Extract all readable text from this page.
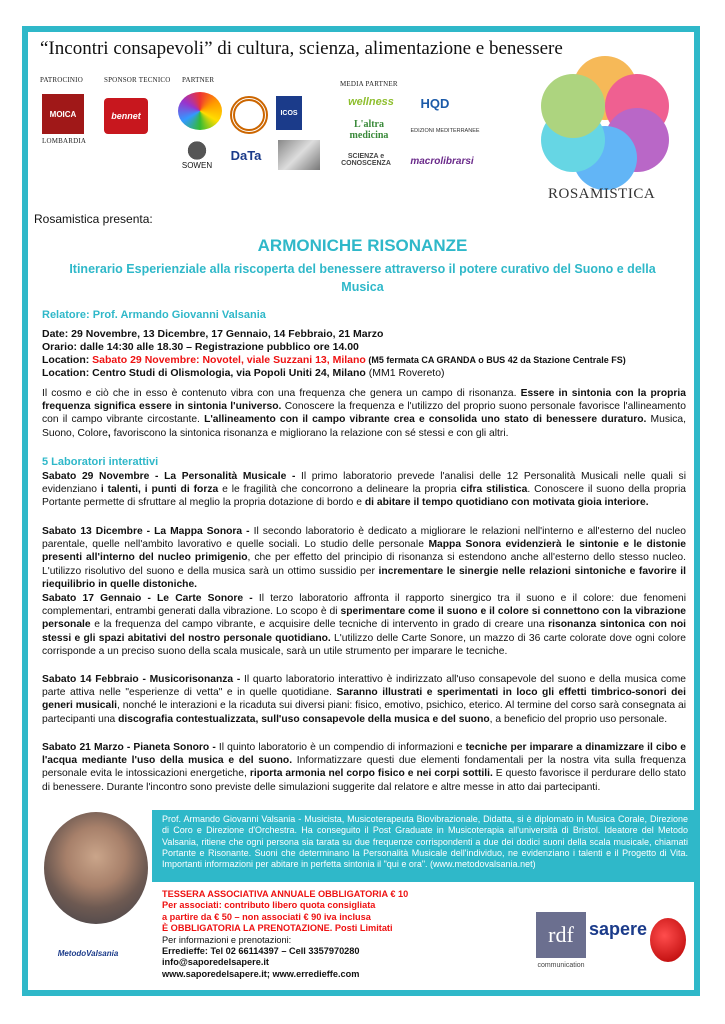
“Incontri consapevoli” di cultura, scienza, alimentazione e benessere
PATROCINIO	SPONSOR TECNICO PARTNER	MEDIA PARTNER
LOMBARDIA
MOICA	bennet	ICOS
SOWEN
DaTa
wellness	HQD
L'altra medicina	EDIZIONI MEDITERRANEE
SCIENZA e CONOSCENZA	macrolibrarsi
ROSAMISTICA
Rosamistica presenta:
ARMONICHE RISONANZE
Itinerario Esperienziale alla riscoperta del benessere attraverso il potere curativo del Suono e della Musica
Relatore: Prof. Armando Giovanni Valsania
Date: 29 Novembre, 13 Dicembre, 17 Gennaio, 14 Febbraio, 21 Marzo
Orario: dalle 14:30 alle 18.30 – Registrazione pubblico ore 14.00
Location: Sabato 29 Novembre: Novotel, viale Suzzani 13, Milano (M5 fermata CA GRANDA o BUS 42 da Stazione Centrale FS)
Location: Centro Studi di Olismologia, via Popoli Uniti 24, Milano (MM1 Rovereto)
Il cosmo e ciò che in esso è contenuto vibra con una frequenza che genera un campo di risonanza. Essere in sintonia con la propria frequenza significa essere in sintonia l'universo. Conoscere la frequenza e l'utilizzo del proprio suono personale favorisce l'allineamento con il campo vibrante circostante. L'allineamento con il campo vibrante crea e consolida uno stato di benessere duraturo. Musica, Suono, Colore, favoriscono la sintonica risonanza e migliorano la relazione con sé stessi e con gli altri.
5 Laboratori interattivi
Sabato 29 Novembre - La Personalità Musicale - Il primo laboratorio prevede l'analisi delle 12 Personalità Musicali nelle quali si evidenziano i talenti, i punti di forza e le fragilità che concorrono a delineare la propria cifra stilistica. Conoscere il suono della propria Portante permette di sfruttare al meglio la propria dotazione di bordo e di abitare il tempo quotidiano con motivata gioia interiore.
Sabato 13 Dicembre - La Mappa Sonora - Il secondo laboratorio è dedicato a migliorare le relazioni nell'interno e all'esterno del nucleo parentale, quelle nell'ambito lavorativo e quelle sociali. Lo studio delle personale Mappa Sonora evidenzierà le sintonie e le distonie presenti all'interno del nucleo primigenio, che per effetto del principio di risonanza si estendono anche all'esterno dello stesso nucleo. L'utilizzo risolutivo del suono e della musica sarà un ottimo sussidio per incrementare le sinergie nelle relazioni sintoniche e favorire il riequilibrio in quelle distoniche.
Sabato 17 Gennaio - Le Carte Sonore - Il terzo laboratorio affronta il rapporto sinergico tra il suono e il colore: due fenomeni complementari, entrambi generati dalla vibrazione. Lo scopo è di sperimentare come il suono e il colore si connettono con la vibrazione personale e la frequenza del campo vibrante, e acquisire delle tecniche di intervento in grado di creare una risonanza sintonica con noi stessi e gli spazi abitativi del nostro personale quotidiano. L'utilizzo delle Carte Sonore, un mazzo di 36 carte colorate dove ogni colore corrisponde a un preciso suono della scala musicale, sarà un utile strumento per imparare le tecniche.
Sabato 14 Febbraio - Musicorisonanza - Il quarto laboratorio interattivo è indirizzato all'uso consapevole del suono e della musica come parte attiva nelle "esperienze di vetta" e in quelle quotidiane. Saranno illustrati e sperimentati in loco gli effetti timbrico-sonori dei generi musicali, nonché le interazioni e la ricaduta sui diversi piani: fisico, emotivo, psichico, eterico. Al termine del corso sarà consegnata ai partecipanti una discografia contestualizzata, sull'uso consapevole della musica e del suono, a beneficio del proprio uso personale.
Sabato 21 Marzo - Pianeta Sonoro - Il quinto laboratorio è un compendio di informazioni e tecniche per imparare a dinamizzare il cibo e l'acqua mediante l'uso della musica e del suono. Informatizzare questi due elementi fondamentali per la nostra vita sulla frequenza personale evita le intossicazioni energetiche, riporta armonia nel corpo fisico e nei corpi sottili. E questo favorisce il perdurare dello stato di benessere. Durante l'incontro sono previste delle simulazioni suggerite dal relatore e altre messe in atto dai partecipanti.
Prof. Armando Giovanni Valsania - Musicista, Musicoterapeuta Biovibrazionale, Didatta, si è diplomato in Musica Corale, Direzione di Coro e Direzione d'Orchestra. Ha conseguito il Post Graduate in Musicoterapia all'università di Bristol. Ideatore del Metodo Valsania, ritiene che ogni persona sia tarata su due frequenze corrispondenti a due dei dodici suoni della scala musicale, chiamati Portante e Risonante. Suoni che determinano la Personalità Musicale dell'individuo, ne evidenziano i talenti e il Progetto di Vita. Importanti informazioni per abitare in perfetta sintonia il "qui e ora". (www.metodovalsania.net)
TESSERA ASSOCIATIVA ANNUALE OBBLIGATORIA € 10
Per associati: contributo libero quota consigliata
a partire da € 50 – non associati € 90 iva inclusa
È OBBLIGATORIA LA PRENOTAZIONE. Posti Limitati
Per informazioni e prenotazioni:
Erredieffe: Tel 02 66114397 – Cell 3357970280
info@saporedelsapere.it
www.saporedelsapere.it; www.erredieffe.com
MetodoValsania
rdf
communication
sapere
